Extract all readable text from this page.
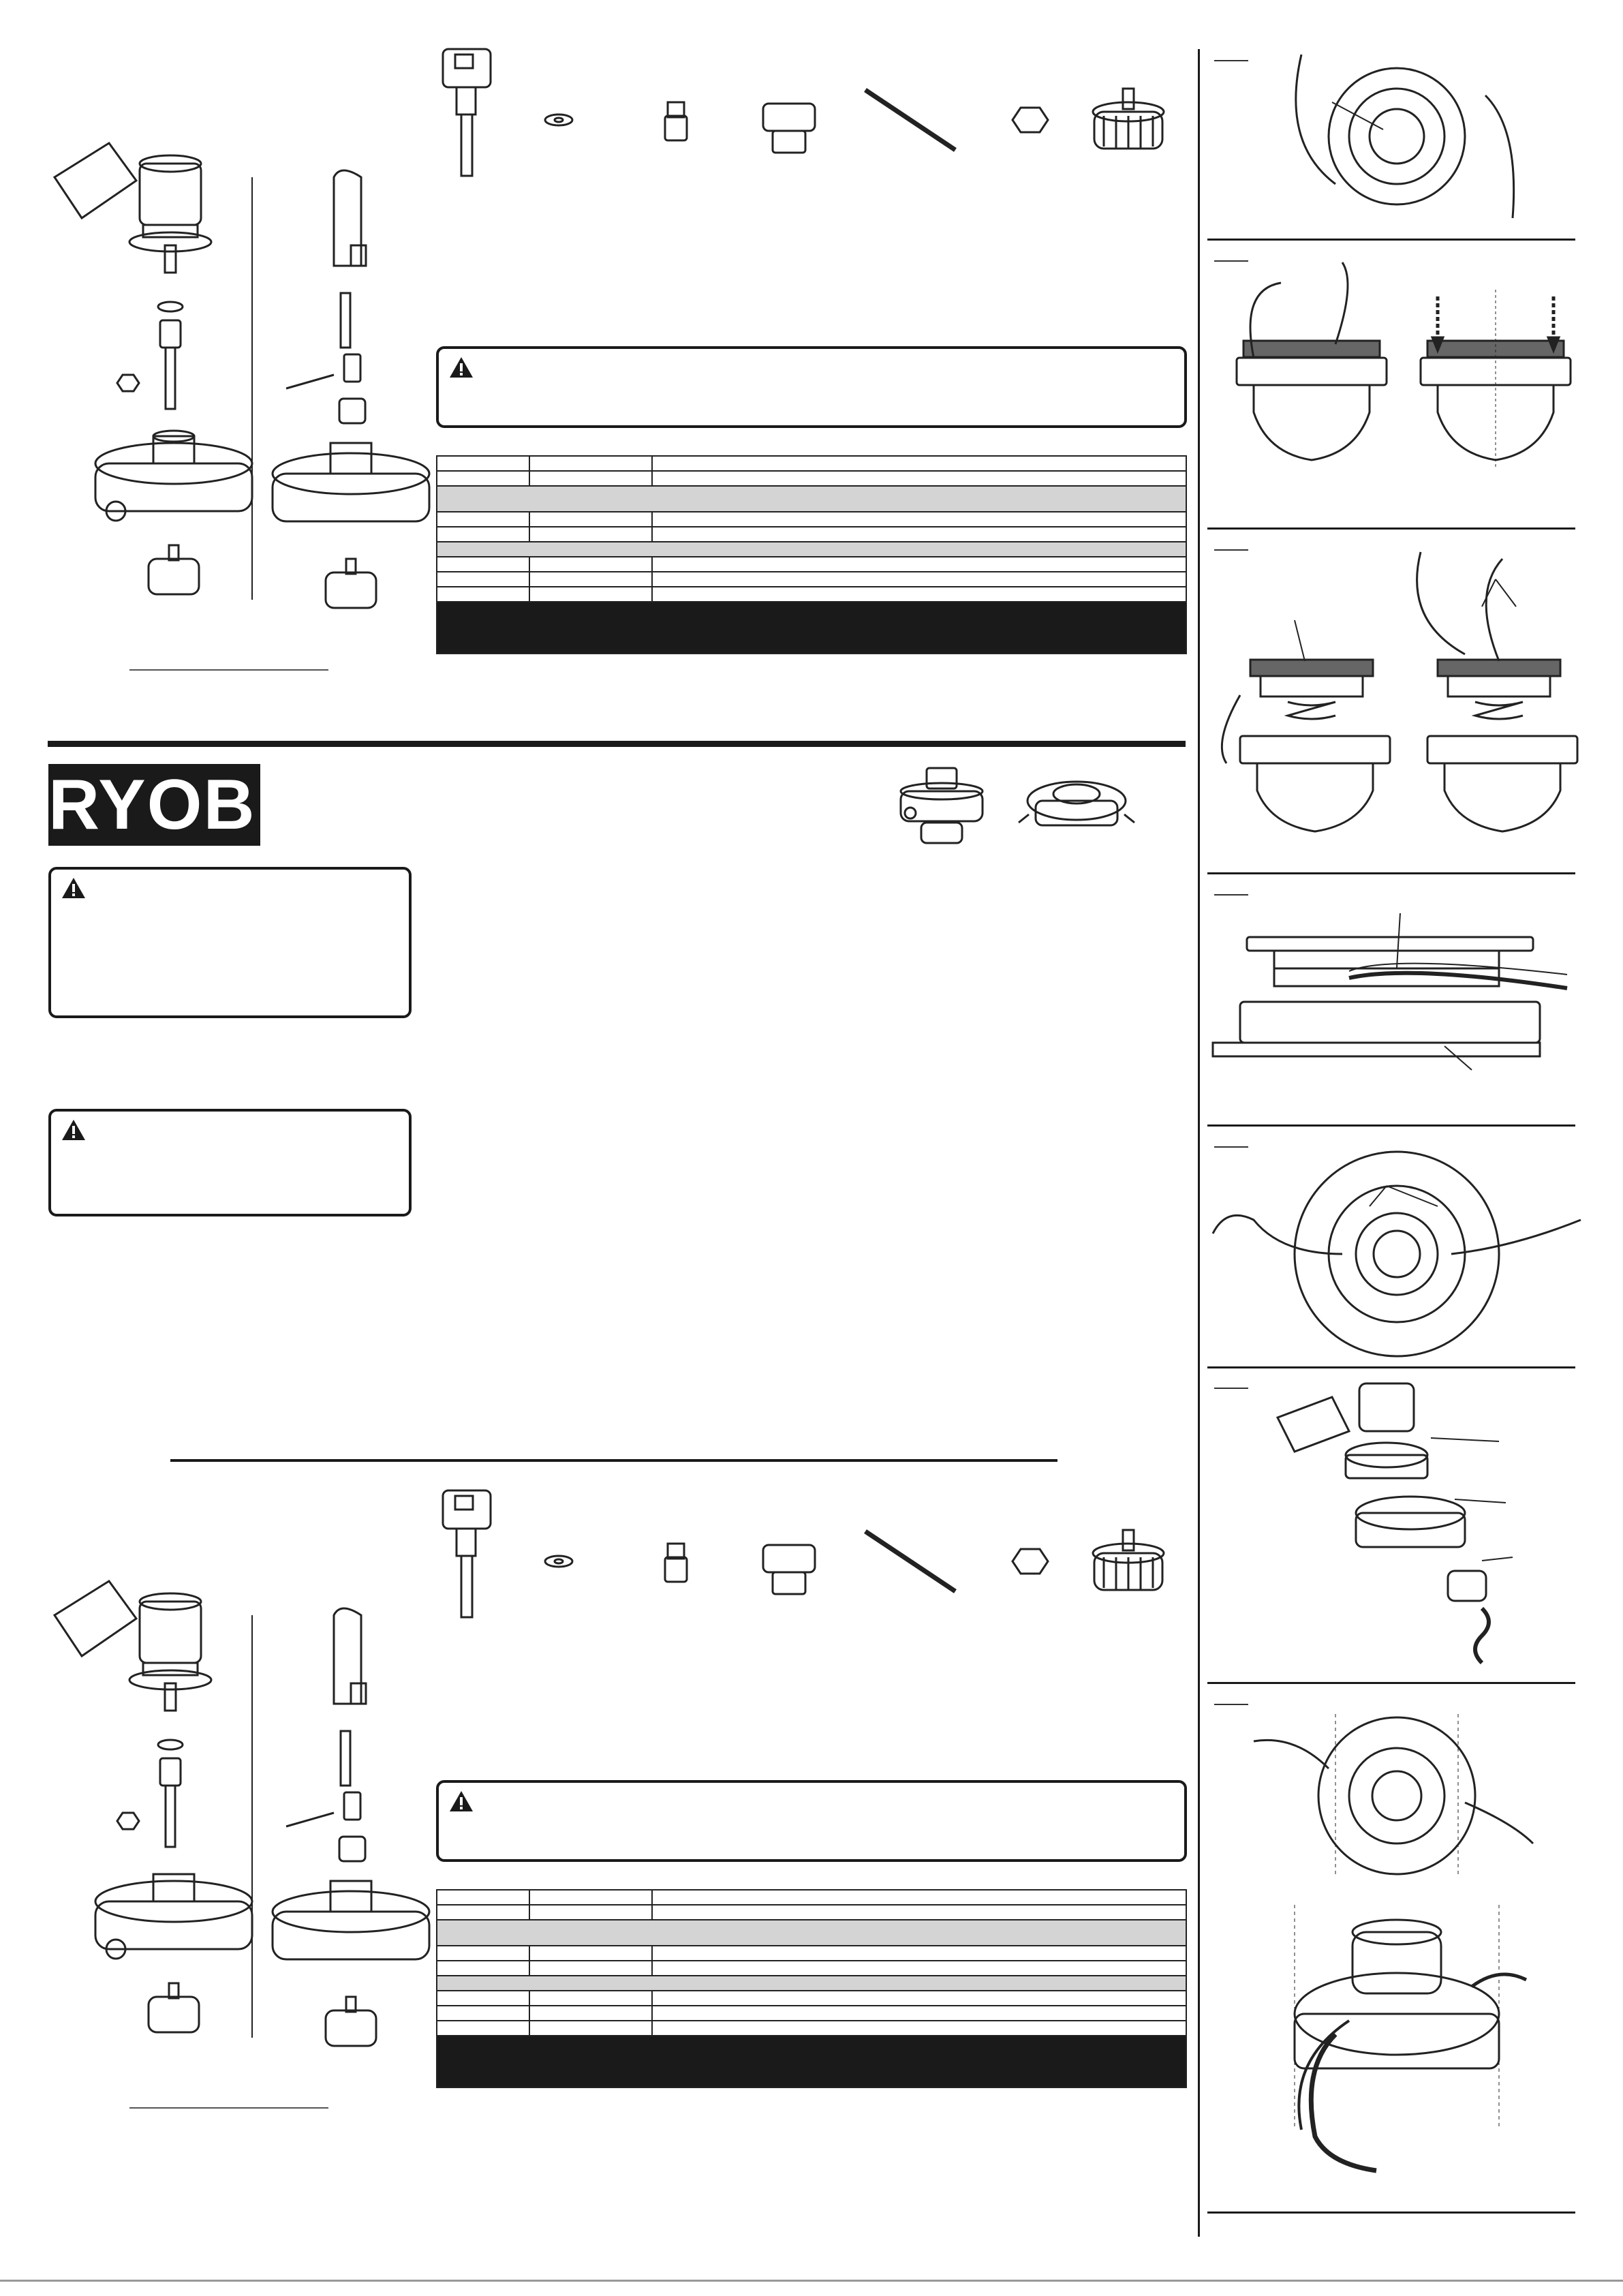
RYOBI.
